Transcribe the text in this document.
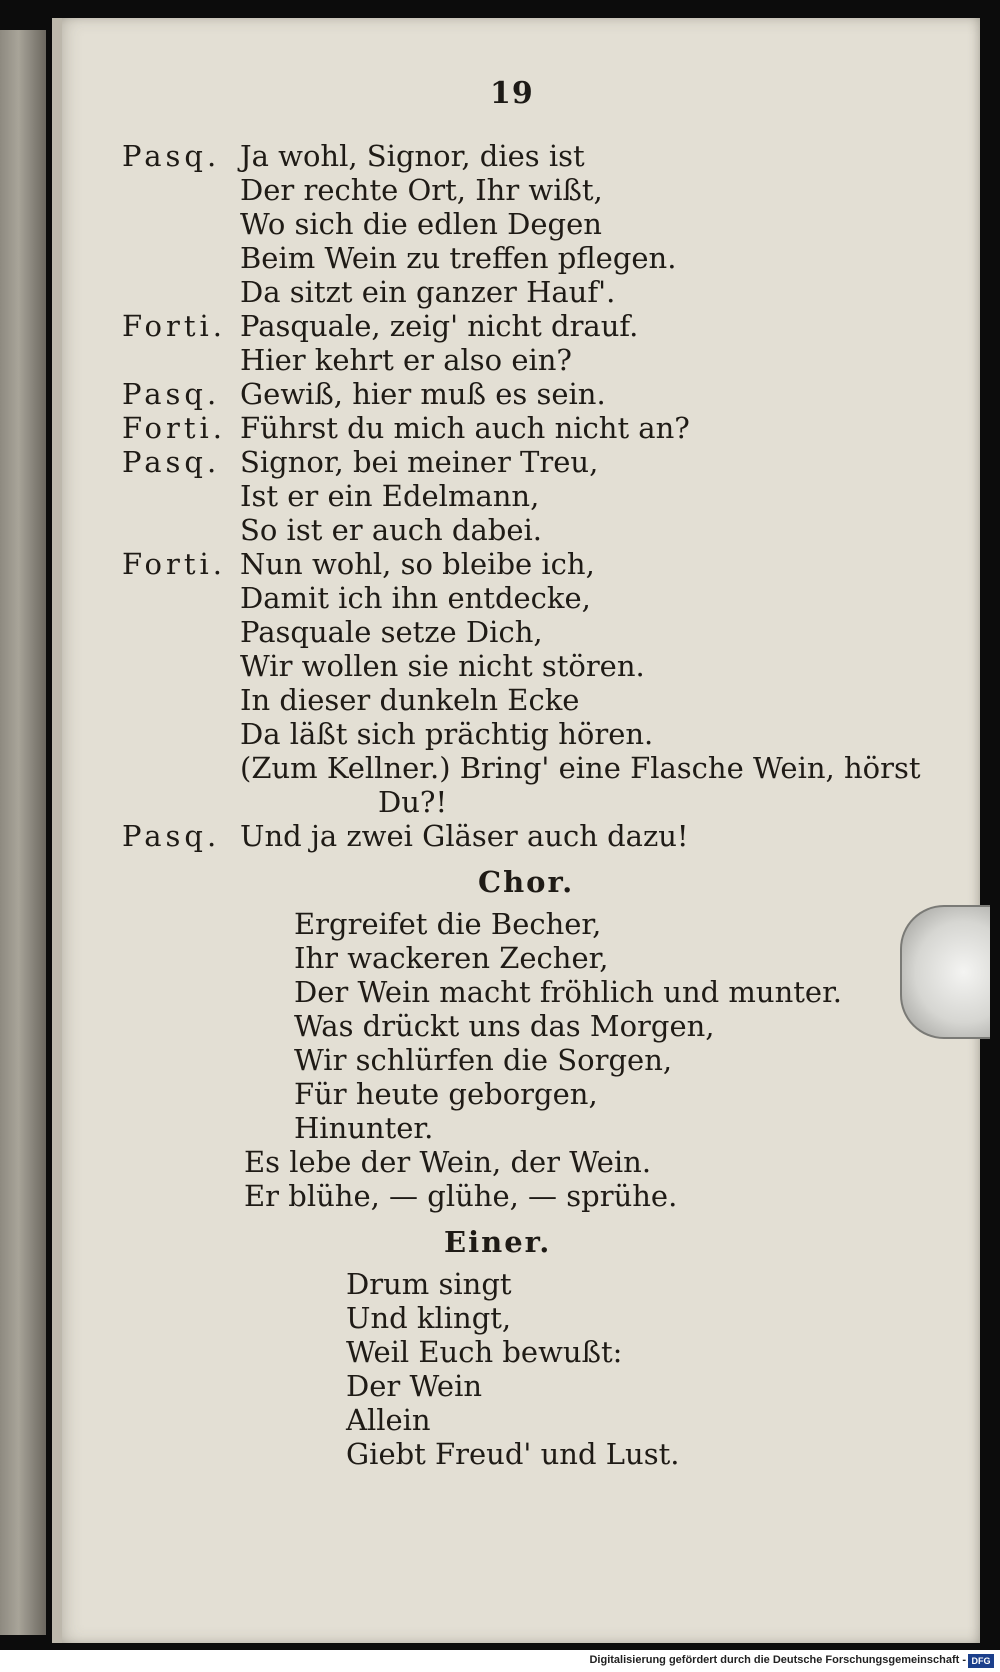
19
Pasq. Ja wohl, Signor, dies ist
Der rechte Ort, Ihr wißt,
Wo sich die edlen Degen
Beim Wein zu treffen pflegen.
Da sitzt ein ganzer Hauf'.
Forti. Pasquale, zeig' nicht drauf.
Hier kehrt er also ein?
Pasq. Gewiß, hier muß es sein.
Forti. Führst du mich auch nicht an?
Pasq. Signor, bei meiner Treu,
Ist er ein Edelmann,
So ist er auch dabei.
Forti. Nun wohl, so bleibe ich,
Damit ich ihn entdecke,
Pasquale setze Dich,
Wir wollen sie nicht stören.
In dieser dunkeln Ecke
Da läßt sich prächtig hören.
(Zum Kellner.) Bring' eine Flasche Wein, hörst
Du?!
Pasq. Und ja zwei Gläser auch dazu!
Chor.
Ergreifet die Becher,
Ihr wackeren Zecher,
Der Wein macht fröhlich und munter.
Was drückt uns das Morgen,
Wir schlürfen die Sorgen,
Für heute geborgen,
Hinunter.
Es lebe der Wein, der Wein.
Er blühe, — glühe, — sprühe.
Einer.
Drum singt
Und klingt,
Weil Euch bewußt:
Der Wein
Allein
Giebt Freud' und Lust.
Digitalisierung gefördert durch die Deutsche Forschungsgemeinschaft - DFG
